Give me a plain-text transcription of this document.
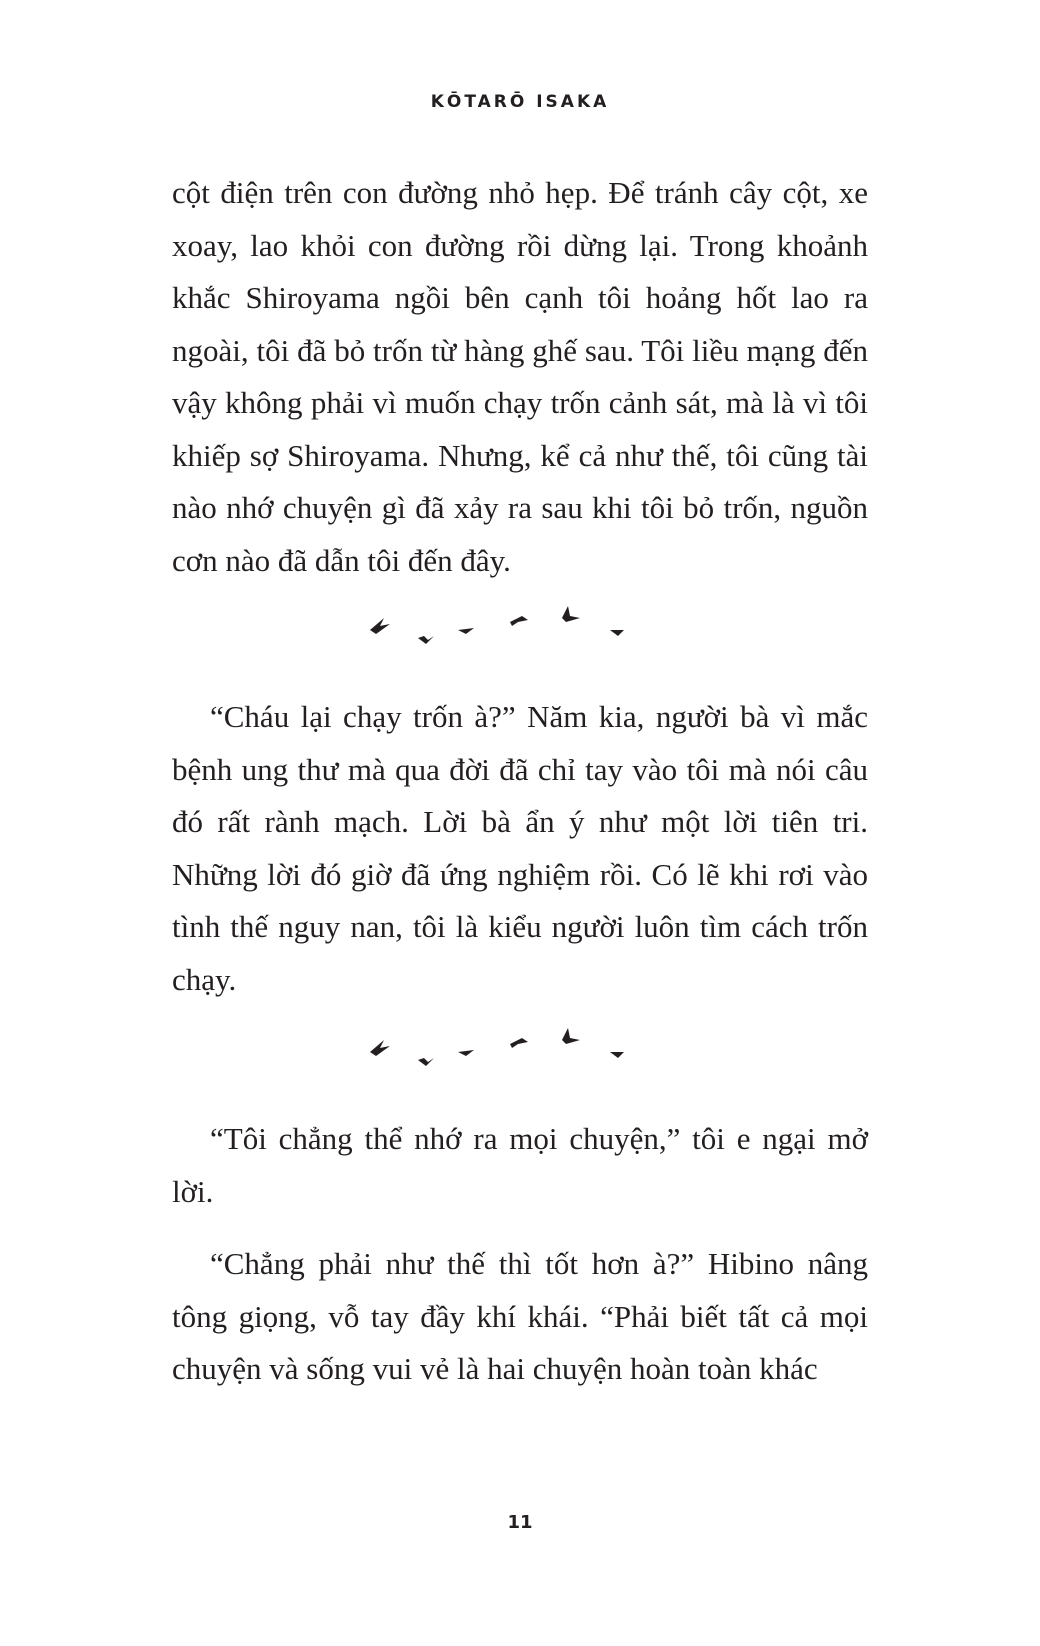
KŌTARŌ ISAKA

cột điện trên con đường nhỏ hẹp. Để tránh cây cột, xe xoay, lao khỏi con đường rồi dừng lại. Trong khoảnh khắc Shiroyama ngồi bên cạnh tôi hoảng hốt lao ra ngoài, tôi đã bỏ trốn từ hàng ghế sau. Tôi liều mạng đến vậy không phải vì muốn chạy trốn cảnh sát, mà là vì tôi khiếp sợ Shiroyama. Nhưng, kể cả như thế, tôi cũng tài nào nhớ chuyện gì đã xảy ra sau khi tôi bỏ trốn, nguồn cơn nào đã dẫn tôi đến đây.

“Cháu lại chạy trốn à?” Năm kia, người bà vì mắc bệnh ung thư mà qua đời đã chỉ tay vào tôi mà nói câu đó rất rành mạch. Lời bà ẩn ý như một lời tiên tri. Những lời đó giờ đã ứng nghiệm rồi. Có lẽ khi rơi vào tình thế nguy nan, tôi là kiểu người luôn tìm cách trốn chạy.

“Tôi chẳng thể nhớ ra mọi chuyện,” tôi e ngại mở lời.

“Chẳng phải như thế thì tốt hơn à?” Hibino nâng tông giọng, vỗ tay đầy khí khái. “Phải biết tất cả mọi chuyện và sống vui vẻ là hai chuyện hoàn toàn khác

11
